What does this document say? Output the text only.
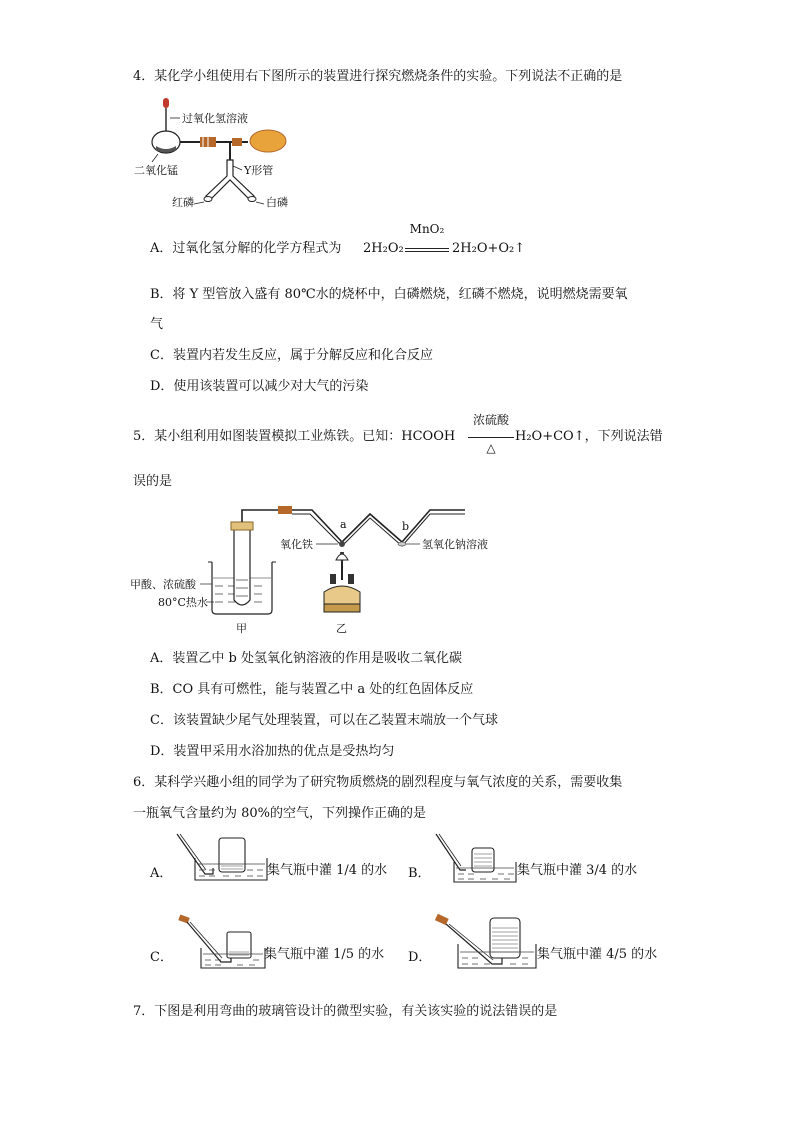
4．某化学小组使用右下图所示的装置进行探究燃烧条件的实验。下列说法不正确的是
过氧化氢溶液
二氧化锰	Y形管
红磷	白磷
A．过氧化氢分解的化学方程式为 2H₂O₂
MnO₂
2H₂O+O₂↑
B．将 Y 型管放入盛有 80℃水的烧杯中，白磷燃烧，红磷不燃烧，说明燃烧需要氧
气
C．装置内若发生反应，属于分解反应和化合反应
D．使用该装置可以减少对大气的污染
5．某小组利用如图装置模拟工业炼铁。已知：HCOOH
浓硫酸
△
H₂O+CO↑，下列说法错
误的是
a	b
氧化铁	氢氧化钠溶液
甲酸、浓硫酸
80°C热水
甲	乙
A．装置乙中 b 处氢氧化钠溶液的作用是吸收二氧化碳
B．CO 具有可燃性，能与装置乙中 a 处的红色固体反应
C．该装置缺少尾气处理装置，可以在乙装置末端放一个气球
D．装置甲采用水浴加热的优点是受热均匀
6．某科学兴趣小组的同学为了研究物质燃烧的剧烈程度与氧气浓度的关系，需要收集
一瓶氧气含量约为 80%的空气，下列操作正确的是
A．	集气瓶中灌 1/4 的水 B．	集气瓶中灌 3/4 的水
C．	集气瓶中灌 1/5 的水 D．	集气瓶中灌 4/5 的水
7．下图是利用弯曲的玻璃管设计的微型实验，有关该实验的说法错误的是
